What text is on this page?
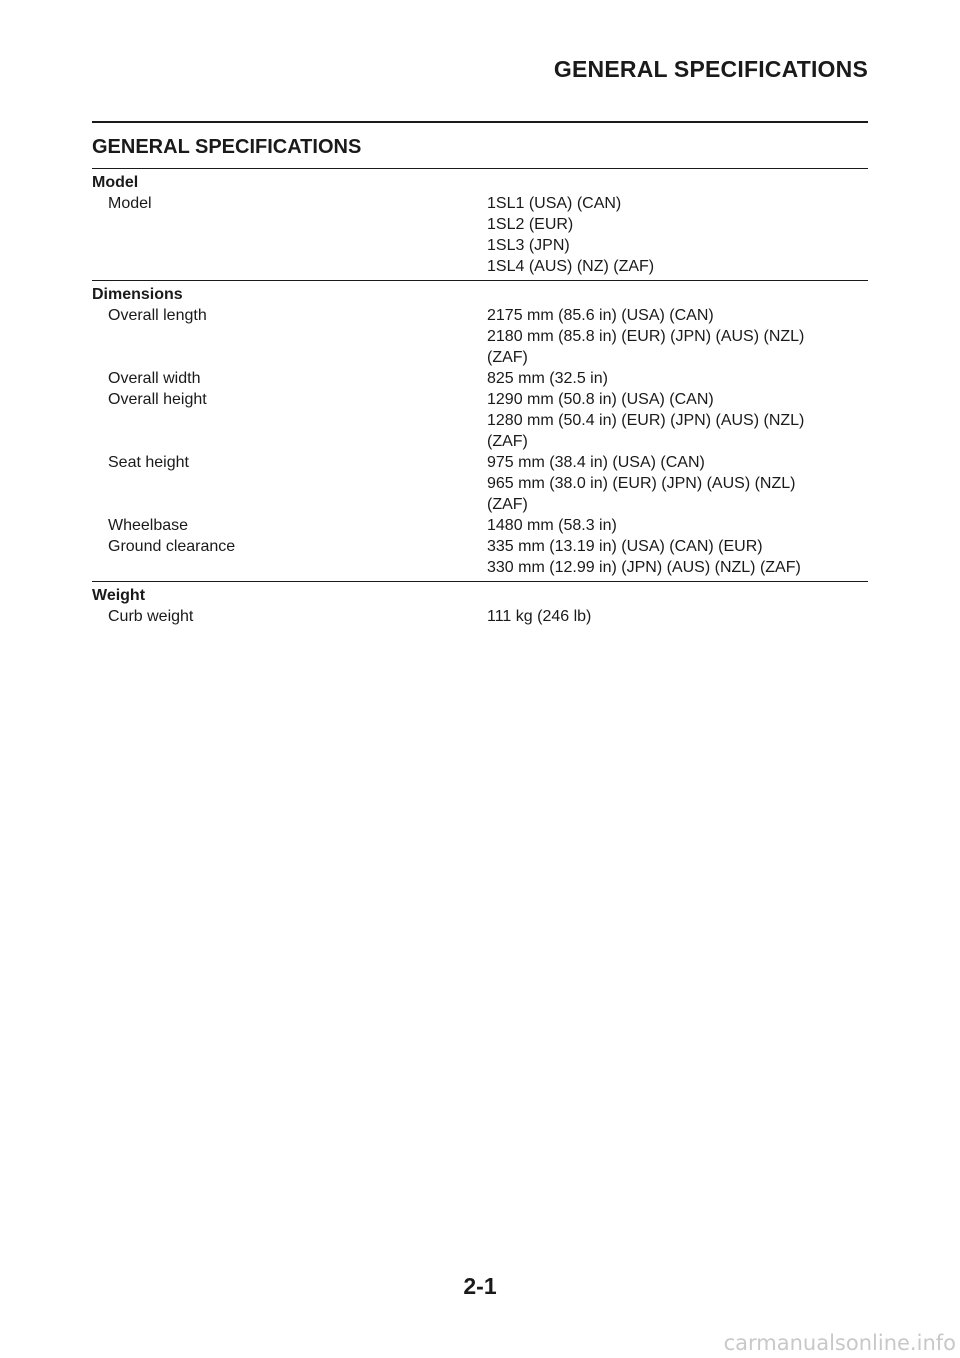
GENERAL SPECIFICATIONS
GENERAL SPECIFICATIONS
Model
Model	1SL1 (USA) (CAN)
1SL2 (EUR)
1SL3 (JPN)
1SL4 (AUS) (NZ) (ZAF)
Dimensions
Overall length	2175 mm (85.6 in) (USA) (CAN)
2180 mm (85.8 in) (EUR) (JPN) (AUS) (NZL)
(ZAF)
Overall width	825 mm (32.5 in)
Overall height	1290 mm (50.8 in) (USA) (CAN)
1280 mm (50.4 in) (EUR) (JPN) (AUS) (NZL)
(ZAF)
Seat height	975 mm (38.4 in) (USA) (CAN)
965 mm (38.0 in) (EUR) (JPN) (AUS) (NZL)
(ZAF)
Wheelbase	1480 mm (58.3 in)
Ground clearance	335 mm (13.19 in) (USA) (CAN) (EUR)
330 mm (12.99 in) (JPN) (AUS) (NZL) (ZAF)
Weight
Curb weight	111 kg (246 lb)
2-1
carmanualsonline.info
